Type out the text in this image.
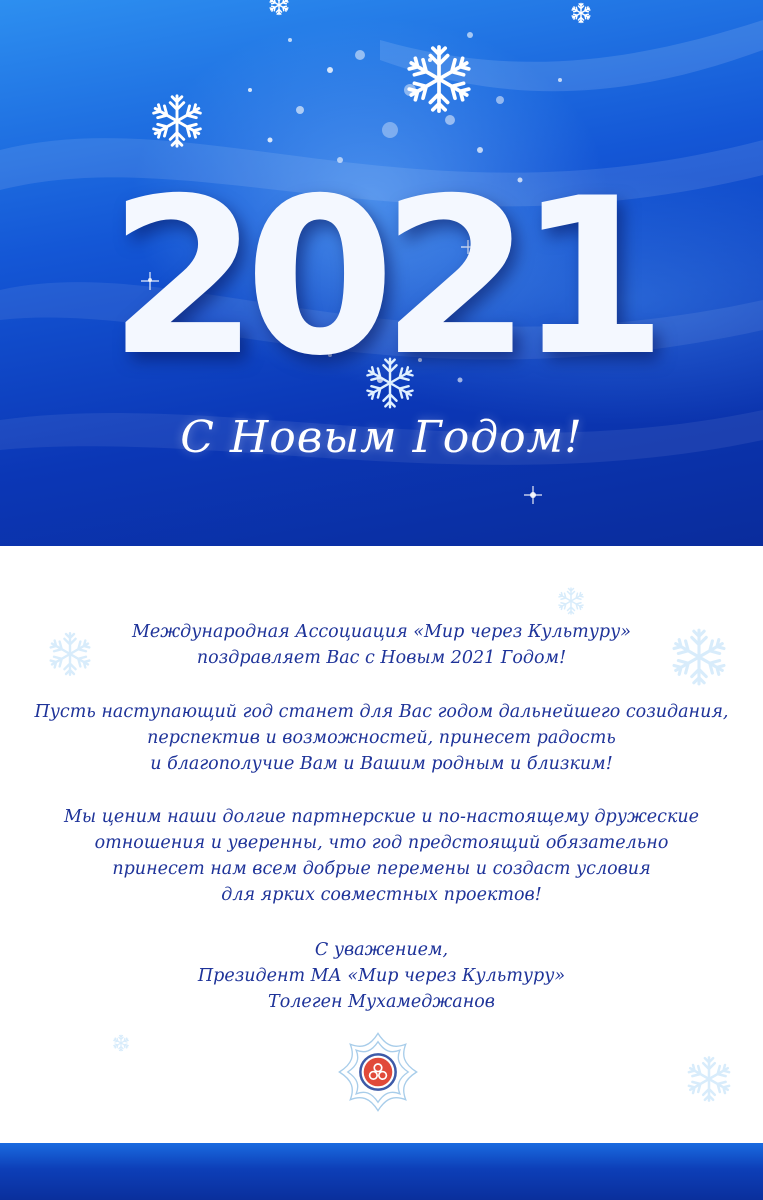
2021
С Новым Годом!

Международная Ассоциация «Мир через Культуру»
поздравляет Вас с Новым 2021 Годом!

Пусть наступающий год станет для Вас годом дальнейшего созидания,
перспектив и возможностей, принесет радость
и благополучие Вам и Вашим родным и близким!

Мы ценим наши долгие партнерские и по-настоящему дружеские
отношения и уверенны, что год предстоящий обязательно
принесет нам всем добрые перемены и создаст условия
для ярких совместных проектов!

С уважением,
Президент МА «Мир через Культуру»
Толеген Мухамеджанов
